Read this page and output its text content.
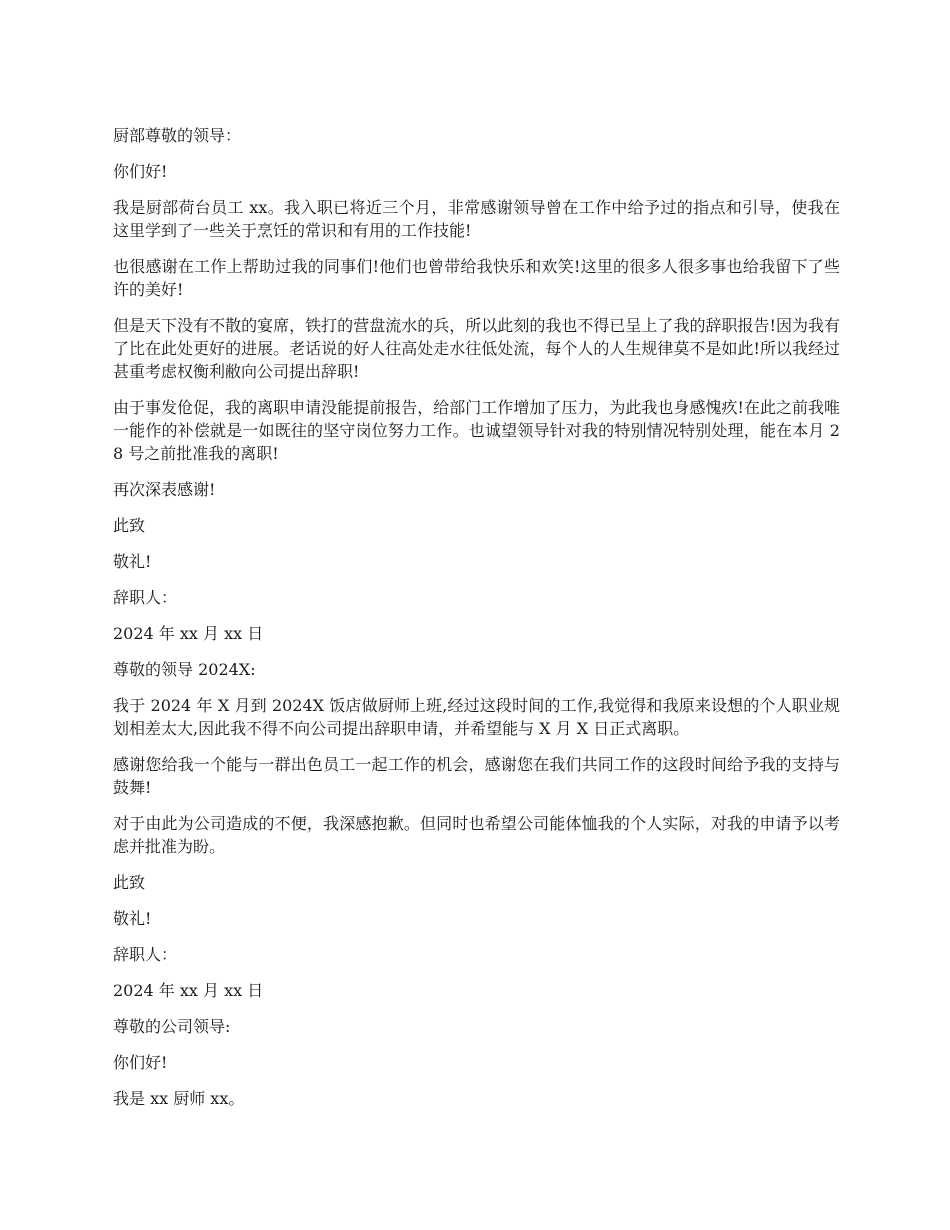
厨部尊敬的领导：

你们好!

我是厨部荷台员工 xx。我入职已将近三个月，非常感谢领导曾在工作中给予过的指点和引导，使我在这里学到了一些关于烹饪的常识和有用的工作技能!

也很感谢在工作上帮助过我的同事们!他们也曾带给我快乐和欢笑!这里的很多人很多事也给我留下了些许的美好!

但是天下没有不散的宴席，铁打的营盘流水的兵，所以此刻的我也不得已呈上了我的辞职报告!因为我有了比在此处更好的进展。老话说的好人往高处走水往低处流，每个人的人生规律莫不是如此!所以我经过甚重考虑权衡利敝向公司提出辞职!

由于事发伧促，我的离职申请没能提前报告，给部门工作增加了压力，为此我也身感愧疚!在此之前我唯一能作的补偿就是一如既往的坚守岗位努力工作。也诚望领导针对我的特别情况特别处理，能在本月 28 号之前批准我的离职!

再次深表感谢!

此致

敬礼!

辞职人：

2024 年 xx 月 xx 日

尊敬的领导 2024X:

我于 2024 年 X 月到 2024X 饭店做厨师上班,经过这段时间的工作,我觉得和我原来设想的个人职业规划相差太大,因此我不得不向公司提出辞职申请，并希望能与 X 月 X 日正式离职。

感谢您给我一个能与一群出色员工一起工作的机会，感谢您在我们共同工作的这段时间给予我的支持与鼓舞!

对于由此为公司造成的不便，我深感抱歉。但同时也希望公司能体恤我的个人实际，对我的申请予以考虑并批准为盼。

此致

敬礼!

辞职人：

2024 年 xx 月 xx 日

尊敬的公司领导:

你们好!

我是 xx 厨师 xx。
